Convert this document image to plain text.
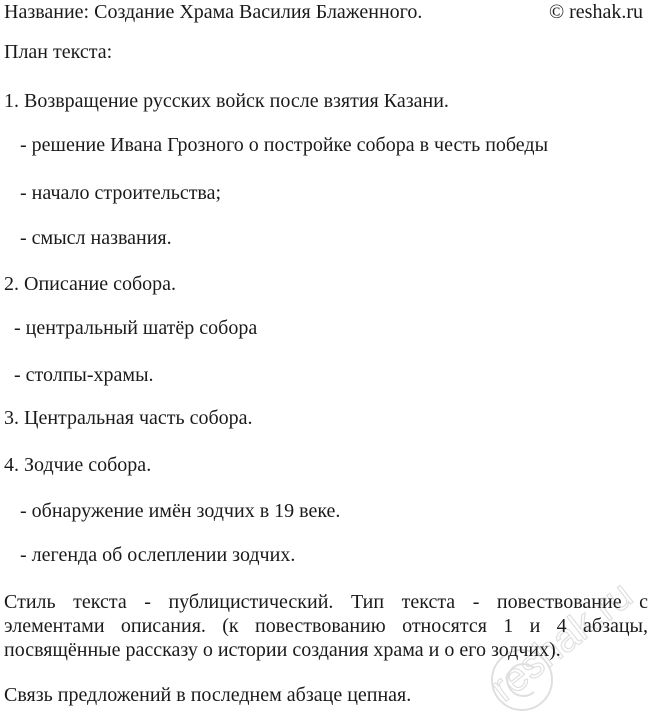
Название: Создание Храма Василия Блаженного.	© reshak.ru
План текста:
1. Возвращение русских войск после взятия Казани.
- решение Ивана Грозного о постройке собора в честь победы
- начало строительства;
- смысл названия.
2. Описание собора.
- центральный шатёр собора
- столпы-храмы.
3. Центральная часть собора.
4. Зодчие собора.
- обнаружение имён зодчих в 19 веке.
- легенда об ослеплении зодчих.
Стиль текста - публицистический. Тип текста - повествование с
элементами описания. (к повествованию относятся 1 и 4 абзацы,
посвящённые рассказу о истории создания храма и о его зодчих).
Связь предложений в последнем абзаце цепная. reshak.ru
